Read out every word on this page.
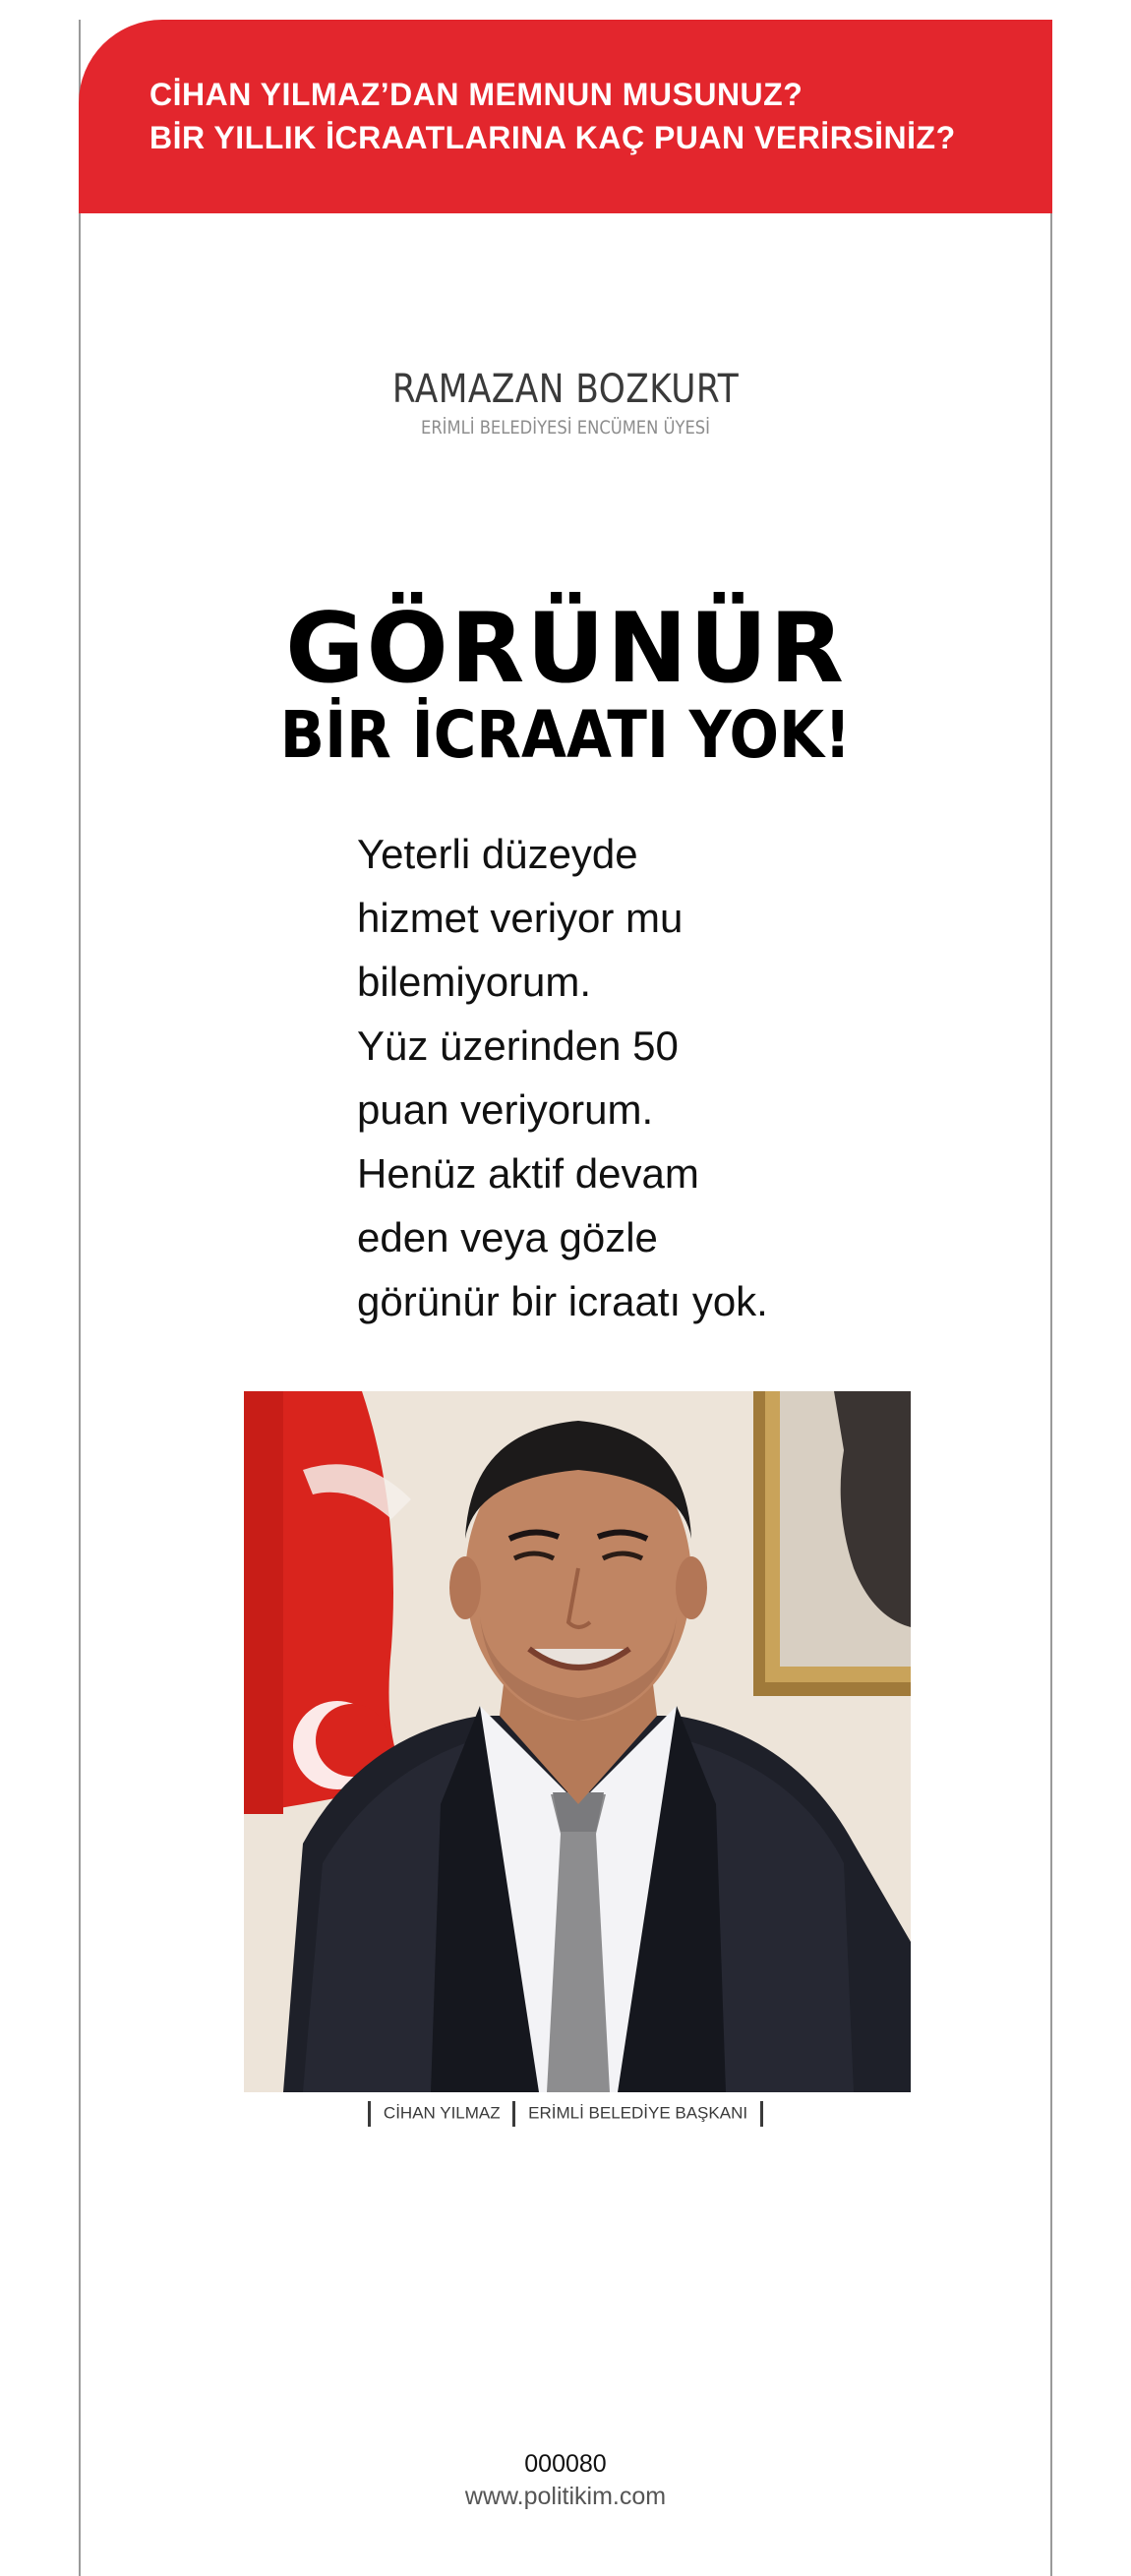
CİHAN YILMAZ’DAN MEMNUN MUSUNUZ?
BİR YILLIK İCRAATLARINA KAÇ PUAN VERİRSİNİZ?
RAMAZAN BOZKURT
ERİMLİ BELEDİYESİ ENCÜMEN ÜYESİ
GÖRÜNÜR
BİR İCRAATI YOK!
Yeterli düzeyde
hizmet veriyor mu
bilemiyorum.
Yüz üzerinden 50
puan veriyorum.
Henüz aktif devam
eden veya gözle
görünür bir icraatı yok.
CİHAN YILMAZ ERİMLİ BELEDİYE BAŞKANI
000080
www.politikim.com
